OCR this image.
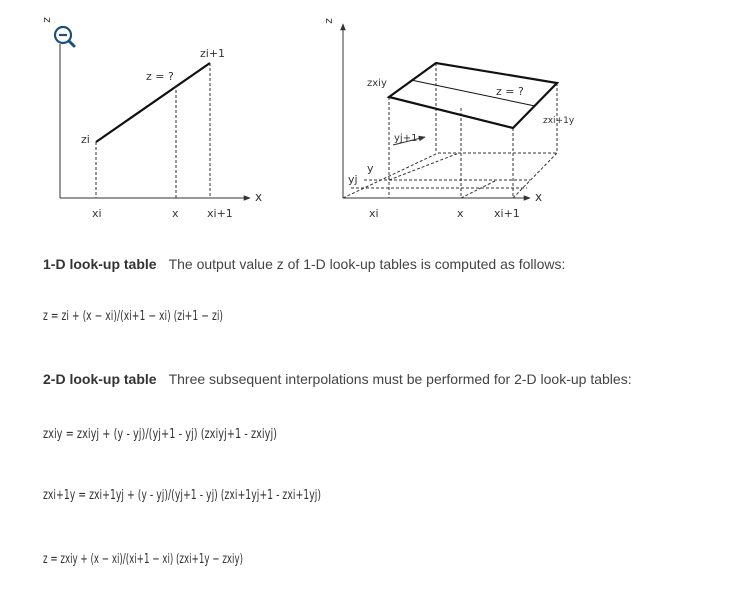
z
x
zi+1
z = ?
zi
xi	x	xi+1
z
x
zxiy
z = ?
zxi+1y
yj+1
y
yj
xi	x	xi+1
z = zi + (x − xi)/(xi+1 − xi) (zi+1 − zi)
zxiy = zxiyj + (y - yj)/(yj+1 - yj) (zxiyj+1 - zxiyj)
zxi+1y = zxi+1yj + (y - yj)/(yj+1 - yj) (zxi+1yj+1 - zxi+1yj)
z = zxiy + (x − xi)/(xi+1 − xi) (zxi+1y − zxiy)
1-D look-up table The output value z of 1-D look-up tables is computed as follows:
2-D look-up table Three subsequent interpolations must be performed for 2-D look-up tables:
